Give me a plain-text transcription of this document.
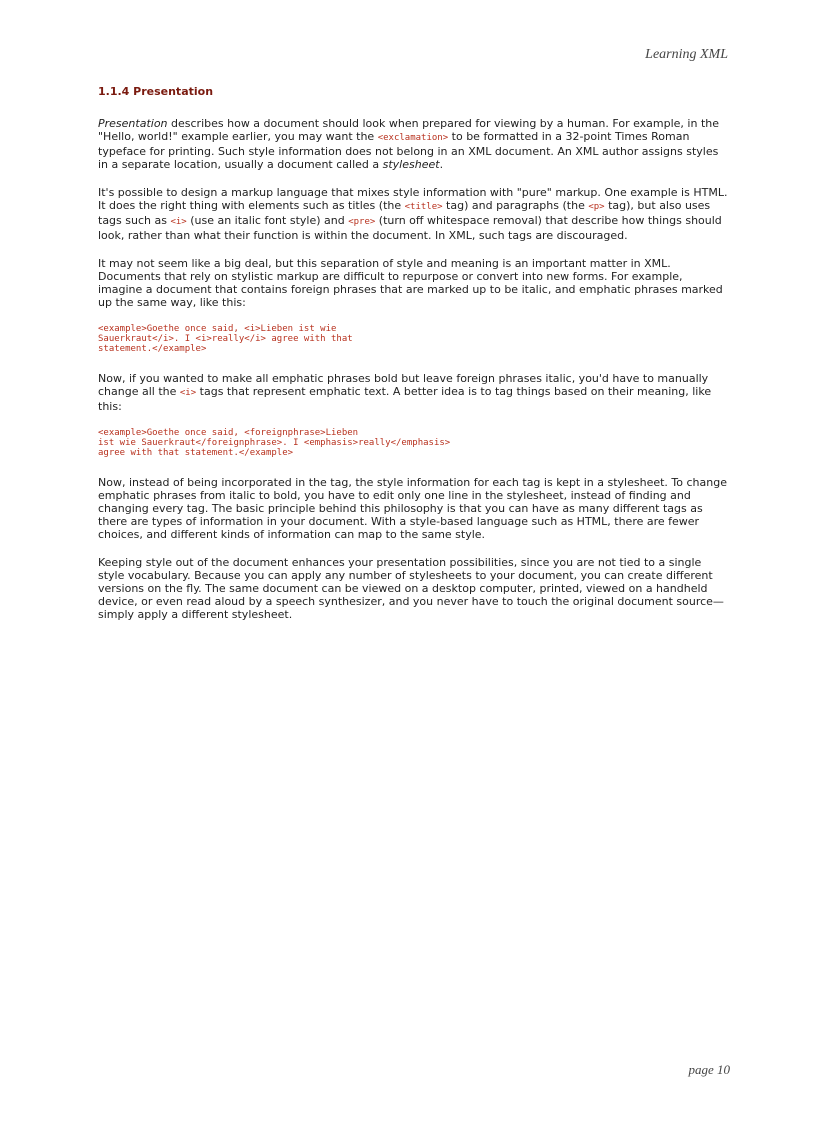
Learning XML
1.1.4 Presentation

Presentation describes how a document should look when prepared for viewing by a human. For example, in the "Hello, world!" example earlier, you may want the <exclamation> to be formatted in a 32-point Times Roman typeface for printing. Such style information does not belong in an XML document. An XML author assigns styles in a separate location, usually a document called a stylesheet.

It's possible to design a markup language that mixes style information with "pure" markup. One example is HTML. It does the right thing with elements such as titles (the <title> tag) and paragraphs (the <p> tag), but also uses tags such as <i> (use an italic font style) and <pre> (turn off whitespace removal) that describe how things should look, rather than what their function is within the document. In XML, such tags are discouraged.

It may not seem like a big deal, but this separation of style and meaning is an important matter in XML. Documents that rely on stylistic markup are difficult to repurpose or convert into new forms. For example, imagine a document that contains foreign phrases that are marked up to be italic, and emphatic phrases marked up the same way, like this:

<example>Goethe once said, <i>Lieben ist wie
Sauerkraut</i>. I <i>really</i> agree with that
statement.</example>

Now, if you wanted to make all emphatic phrases bold but leave foreign phrases italic, you'd have to manually change all the <i> tags that represent emphatic text. A better idea is to tag things based on their meaning, like this:

<example>Goethe once said, <foreignphrase>Lieben
ist wie Sauerkraut</foreignphrase>. I <emphasis>really</emphasis>
agree with that statement.</example>

Now, instead of being incorporated in the tag, the style information for each tag is kept in a stylesheet. To change emphatic phrases from italic to bold, you have to edit only one line in the stylesheet, instead of finding and changing every tag. The basic principle behind this philosophy is that you can have as many different tags as there are types of information in your document. With a style-based language such as HTML, there are fewer choices, and different kinds of information can map to the same style.

Keeping style out of the document enhances your presentation possibilities, since you are not tied to a single style vocabulary. Because you can apply any number of stylesheets to your document, you can create different versions on the fly. The same document can be viewed on a desktop computer, printed, viewed on a handheld device, or even read aloud by a speech synthesizer, and you never have to touch the original document source—simply apply a different stylesheet.

page 10
